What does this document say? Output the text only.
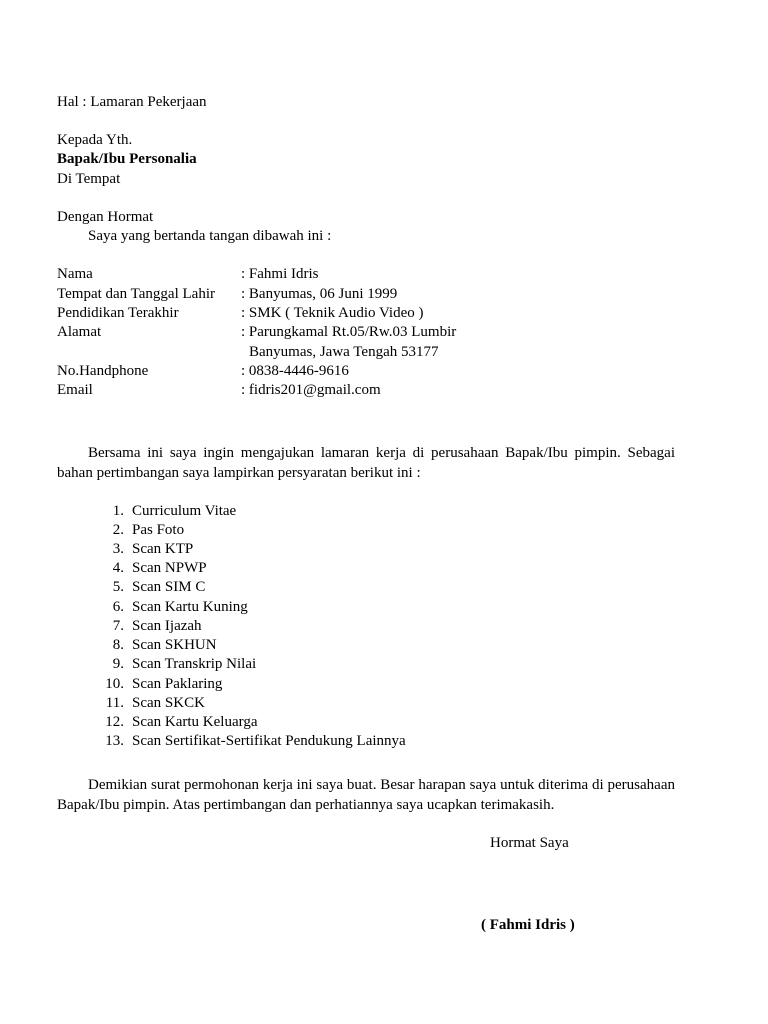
Hal : Lamaran Pekerjaan
Kepada Yth.
Bapak/Ibu Personalia
Di Tempat
Dengan Hormat
Saya yang bertanda tangan dibawah ini :
Nama	: Fahmi Idris
Tempat dan Tanggal Lahir : Banyumas, 06 Juni 1999
Pendidikan Terakhir	: SMK ( Teknik Audio Video )
Alamat	: Parungkamal Rt.05/Rw.03 Lumbir
Banyumas, Jawa Tengah 53177
No.Handphone	: 0838-4446-9616
Email	: fidris201@gmail.com
Bersama ini saya ingin mengajukan lamaran kerja di perusahaan Bapak/Ibu pimpin. Sebagai
bahan pertimbangan saya lampirkan persyaratan berikut ini :
1. Curriculum Vitae
2. Pas Foto
3. Scan KTP
4. Scan NPWP
5. Scan SIM C
6. Scan Kartu Kuning
7. Scan Ijazah
8. Scan SKHUN
9. Scan Transkrip Nilai
10. Scan Paklaring
11. Scan SKCK
12. Scan Kartu Keluarga
13. Scan Sertifikat-Sertifikat Pendukung Lainnya
Demikian surat permohonan kerja ini saya buat. Besar harapan saya untuk diterima di perusahaan
Bapak/Ibu pimpin. Atas pertimbangan dan perhatiannya saya ucapkan terimakasih.
Hormat Saya
( Fahmi Idris )
